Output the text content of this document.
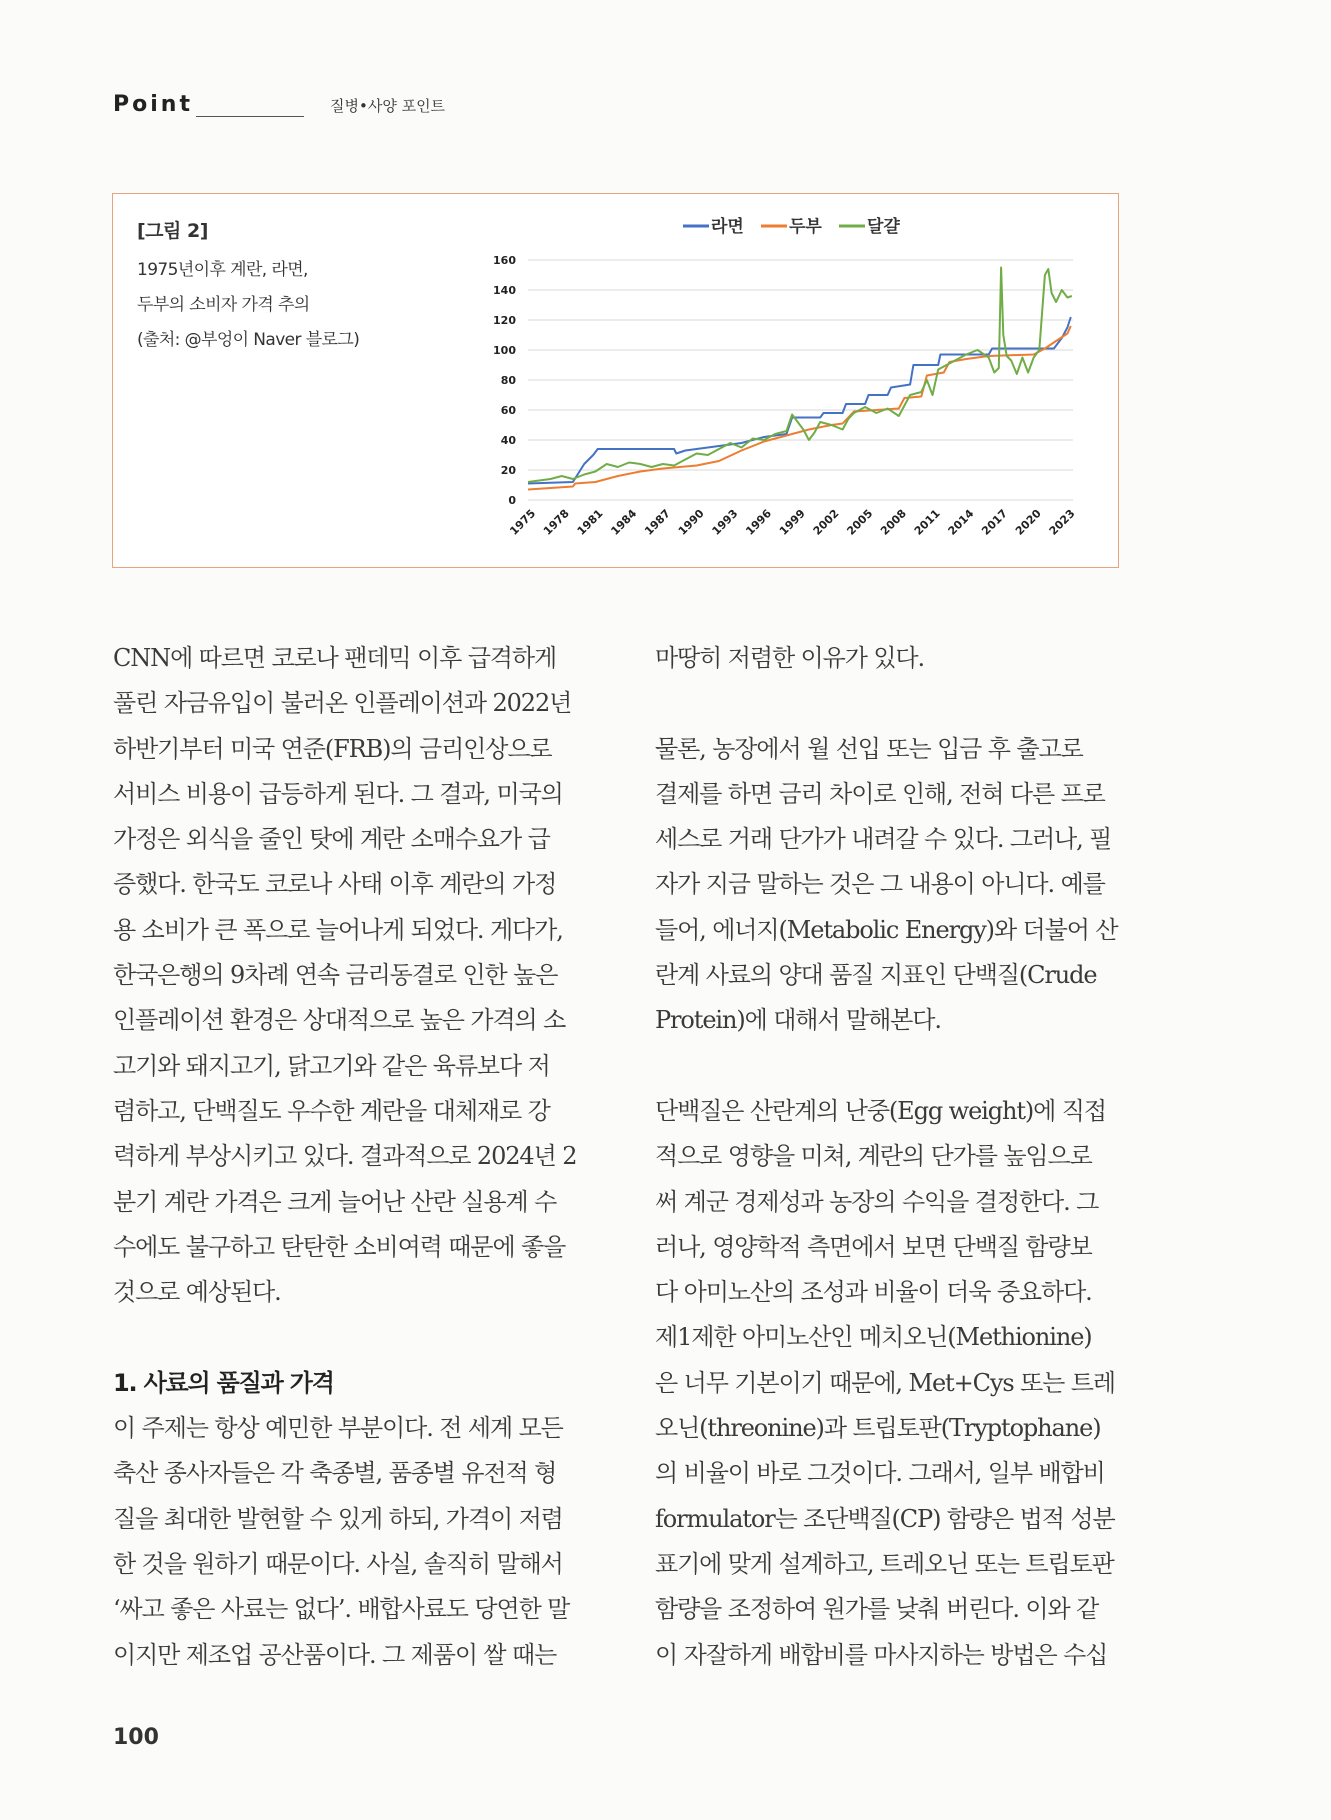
Point	질병•사양 포인트
[그림 2]
1975년이후 계란, 라면,
두부의 소비자 가격 추의
(출처: @부엉이 Naver 블로그)
0
20
40
60
80
100
120
140
160
1975 1978 1981 1984 1987 1990 1993 1996 1999 2002 2005 2008 2011 2014 2017 2020 2023
라면	두부	달걀
CNN에 따르면 코로나 팬데믹 이후 급격하게
풀린 자금유입이 불러온 인플레이션과 2022년
하반기부터 미국 연준(FRB)의 금리인상으로
서비스 비용이 급등하게 된다. 그 결과, 미국의
가정은 외식을 줄인 탓에 계란 소매수요가 급
증했다. 한국도 코로나 사태 이후 계란의 가정
용 소비가 큰 폭으로 늘어나게 되었다. 게다가,
한국은행의 9차례 연속 금리동결로 인한 높은
인플레이션 환경은 상대적으로 높은 가격의 소
고기와 돼지고기, 닭고기와 같은 육류보다 저
렴하고, 단백질도 우수한 계란을 대체재로 강
력하게 부상시키고 있다. 결과적으로 2024년 2
분기 계란 가격은 크게 늘어난 산란 실용계 수
수에도 불구하고 탄탄한 소비여력 때문에 좋을
것으로 예상된다.
1. 사료의 품질과 가격
이 주제는 항상 예민한 부분이다. 전 세계 모든
축산 종사자들은 각 축종별, 품종별 유전적 형
질을 최대한 발현할 수 있게 하되, 가격이 저렴
한 것을 원하기 때문이다. 사실, 솔직히 말해서
‘싸고 좋은 사료는 없다’. 배합사료도 당연한 말
이지만 제조업 공산품이다. 그 제품이 쌀 때는
마땅히 저렴한 이유가 있다.
물론, 농장에서 월 선입 또는 입금 후 출고로
결제를 하면 금리 차이로 인해, 전혀 다른 프로
세스로 거래 단가가 내려갈 수 있다. 그러나, 필
자가 지금 말하는 것은 그 내용이 아니다. 예를
들어, 에너지(Metabolic Energy)와 더불어 산
란계 사료의 양대 품질 지표인 단백질(Crude
Protein)에 대해서 말해본다.
단백질은 산란계의 난중(Egg weight)에 직접
적으로 영향을 미쳐, 계란의 단가를 높임으로
써 계군 경제성과 농장의 수익을 결정한다. 그
러나, 영양학적 측면에서 보면 단백질 함량보
다 아미노산의 조성과 비율이 더욱 중요하다.
제1제한 아미노산인 메치오닌(Methionine)
은 너무 기본이기 때문에, Met+Cys 또는 트레
오닌(threonine)과 트립토판(Tryptophane)
의 비율이 바로 그것이다. 그래서, 일부 배합비
formulator는 조단백질(CP) 함량은 법적 성분
표기에 맞게 설계하고, 트레오닌 또는 트립토판
함량을 조정하여 원가를 낮춰 버린다. 이와 같
이 자잘하게 배합비를 마사지하는 방법은 수십
100
